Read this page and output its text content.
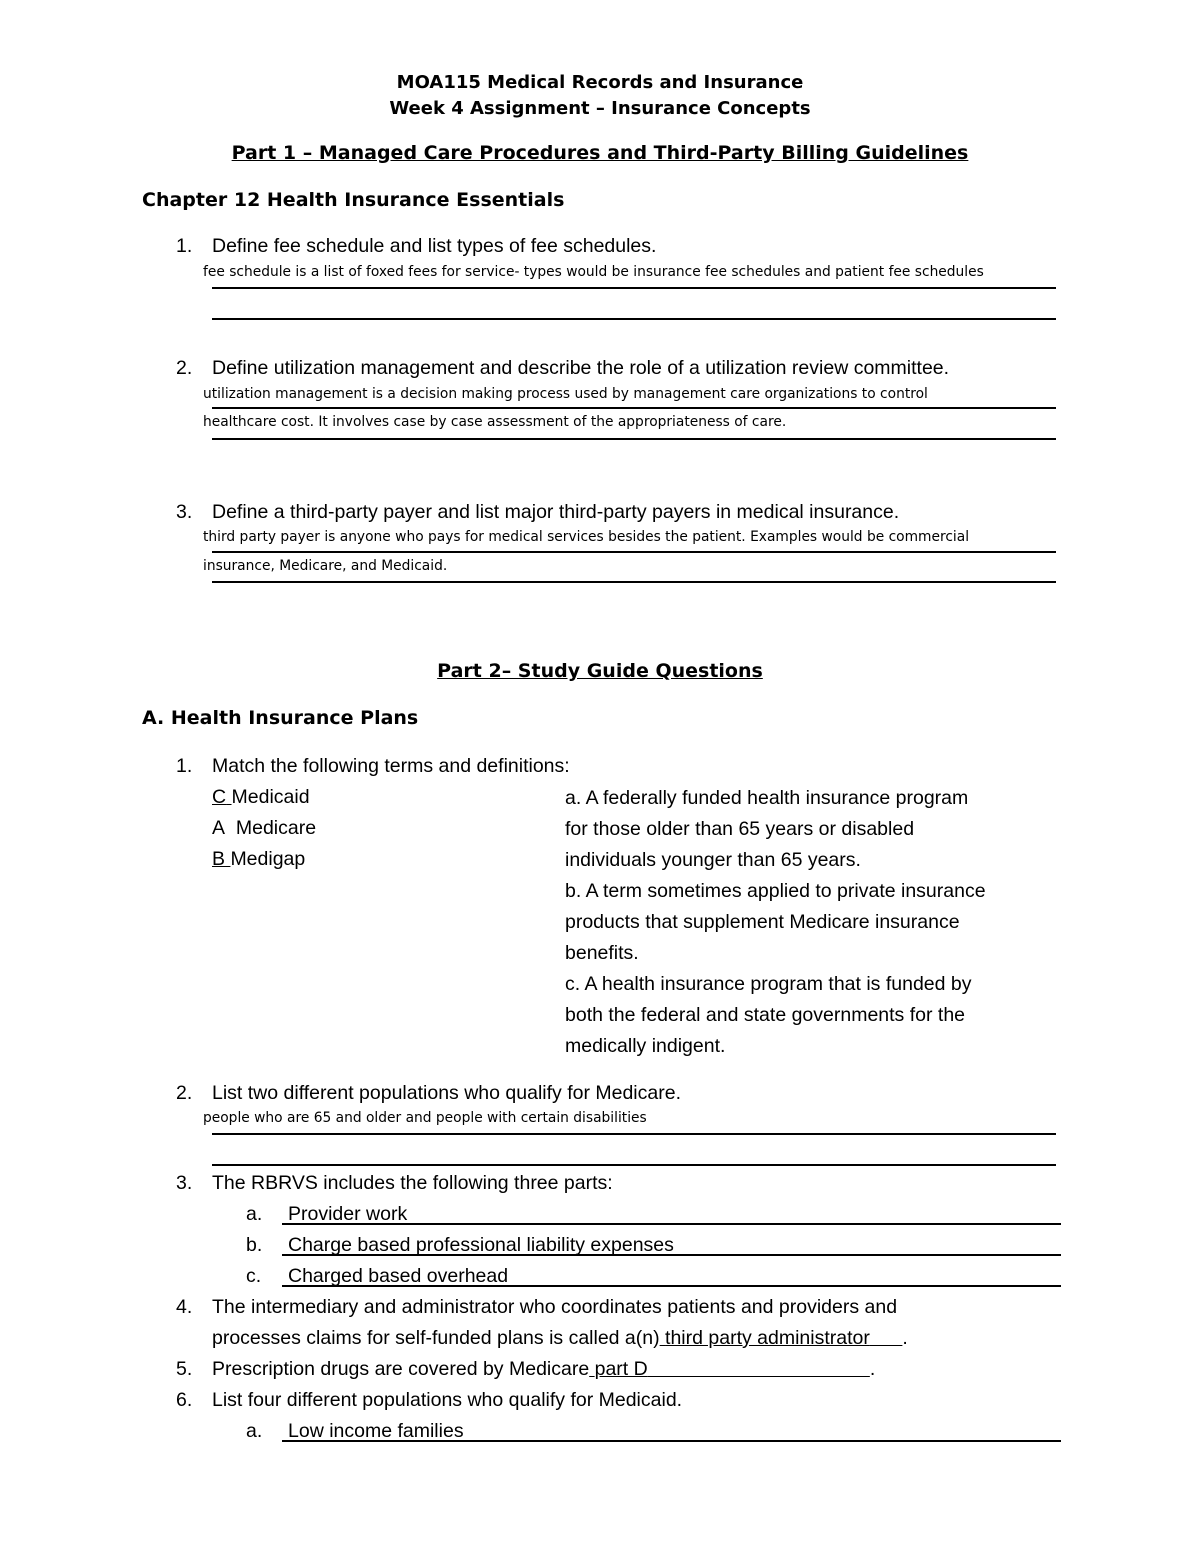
MOA115 Medical Records and Insurance
Week 4 Assignment – Insurance Concepts
Part 1 – Managed Care Procedures and Third-Party Billing Guidelines
Chapter 12 Health Insurance Essentials
1. Define fee schedule and list types of fee schedules.
fee schedule is a list of foxed fees for service- types would be insurance fee schedules and patient fee schedules
2. Define utilization management and describe the role of a utilization review committee.
utilization management is a decision making process used by management care organizations to control
healthcare cost. It involves case by case assessment of the appropriateness of care.
3. Define a third-party payer and list major third-party payers in medical insurance.
third party payer is anyone who pays for medical services besides the patient. Examples would be commercial
insurance, Medicare, and Medicaid.
Part 2– Study Guide Questions
A. Health Insurance Plans
1. Match the following terms and definitions:
C Medicaid
A Medicare
B Medigap
a. A federally funded health insurance program
for those older than 65 years or disabled
individuals younger than 65 years.
b. A term sometimes applied to private insurance
products that supplement Medicare insurance
benefits.
c. A health insurance program that is funded by
both the federal and state governments for the
medically indigent.
2. List two different populations who qualify for Medicare.
people who are 65 and older and people with certain disabilities
3. The RBRVS includes the following three parts:
a. Provider work
b. Charge based professional liability expenses
c. Charged based overhead
4. The intermediary and administrator who coordinates patients and providers and
processes claims for self-funded plans is called a(n) third party administrator .
5. Prescription drugs are covered by Medicare part D	.
6. List four different populations who qualify for Medicaid.
a. Low income families
